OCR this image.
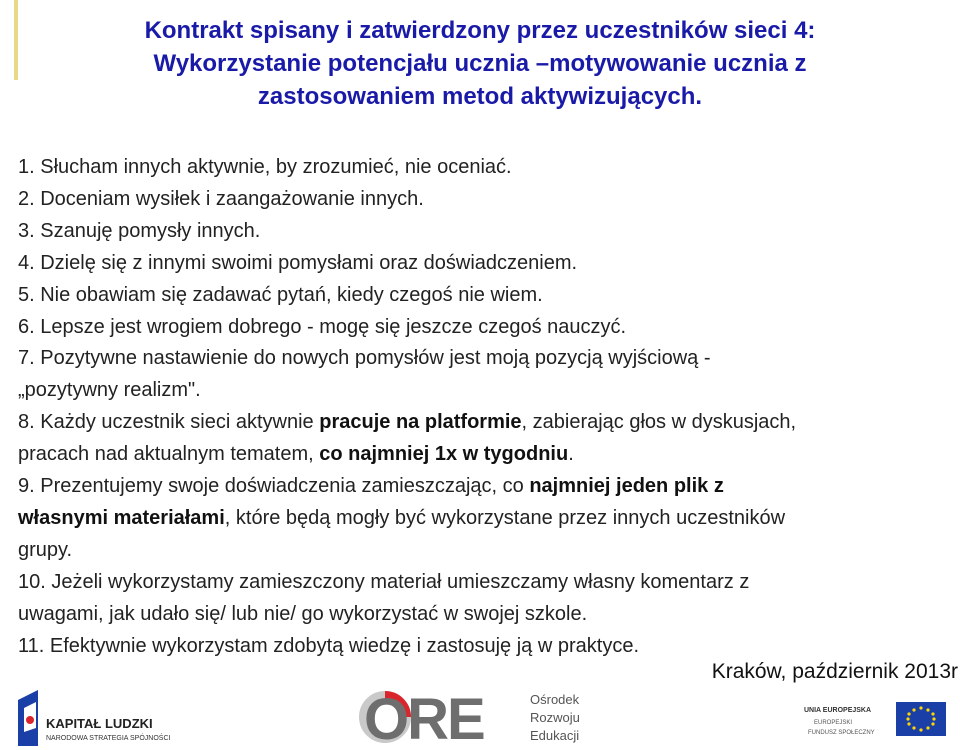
Kontrakt spisany i zatwierdzony przez uczestników sieci 4:
Wykorzystanie potencjału ucznia –motywowanie ucznia z
zastosowaniem metod aktywizujących.
1. Słucham innych aktywnie, by zrozumieć, nie oceniać.
2. Doceniam wysiłek i zaangażowanie innych.
3. Szanuję pomysły innych.
4. Dzielę się z innymi swoimi pomysłami oraz doświadczeniem.
5. Nie obawiam się zadawać pytań, kiedy czegoś nie wiem.
6. Lepsze jest wrogiem dobrego - mogę się jeszcze czegoś nauczyć.
7. Pozytywne nastawienie do nowych pomysłów jest moją pozycją wyjściową -
„pozytywny realizm".
8. Każdy uczestnik sieci aktywnie pracuje na platformie, zabierając głos w dyskusjach,
pracach nad aktualnym tematem, co najmniej 1x w tygodniu.
9. Prezentujemy swoje doświadczenia zamieszczając, co najmniej jeden plik z
własnymi materiałami, które będą mogły być wykorzystane przez innych uczestników
grupy.
10. Jeżeli wykorzystamy zamieszczony materiał umieszczamy własny komentarz z
uwagami, jak udało się/ lub nie/ go wykorzystać w swojej szkole.
11. Efektywnie wykorzystam zdobytą wiedzę i zastosuję ją w praktyce.
Kraków, październik 2013r
KAPITAŁ LUDZKI
NARODOWA STRATEGIA SPÓJNOŚCI	ORE	Ośrodek
Rozwoju
Edukacji
UNIA EUROPEJSKA
EUROPEJSKI
FUNDUSZ SPOŁECZNY
